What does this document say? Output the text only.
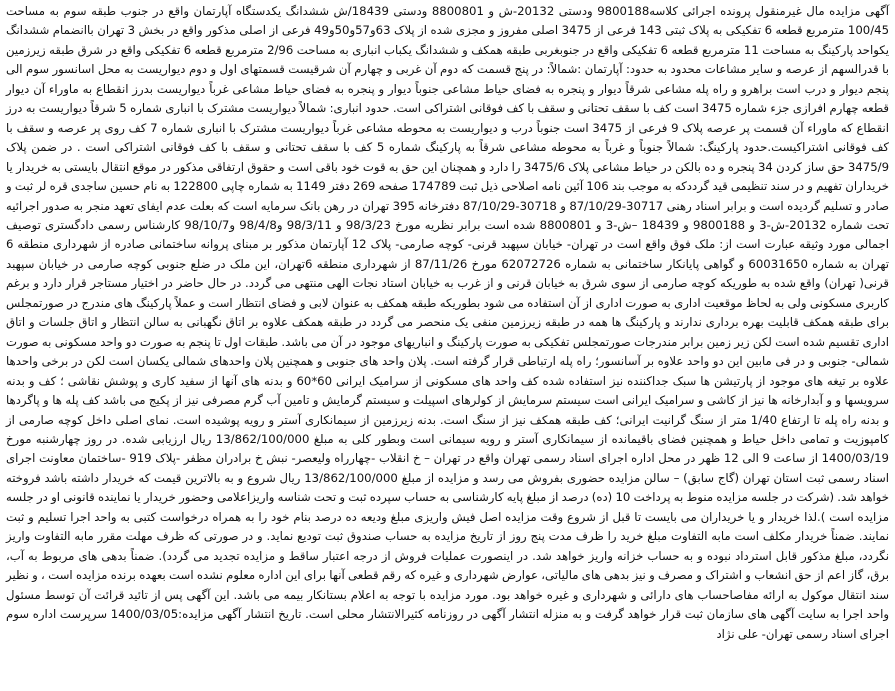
آگهی مزایده مال غیرمنقول پرونده اجرائی کلاسه9800188 ودستی 20132-ش و 8800801 ودستی 18439/ش ششدانگ یکدستگاه آپارتمان واقع در جنوب طبقه سوم به مساحت 100/45 مترمربع قطعه 6 تفکیکی به پلاک ثبتی 143 فرعی از 3475 اصلی مفروز و مجزی شده از پلاک 63و57و50و49 فرعی از اصلی مذکور واقع در بخش 3 تهران باانضمام ششدانگ یکواحد پارکینگ به مساحت 11 مترمربع قطعه 6 تفکیکی واقع در جنوبغربی طبقه همکف و ششدانگ یکباب انباری به مساحت 2/96 مترمربع قطعه 6 تفکیکی واقع در شرق طبقه زیرزمین با قدرالسهم از عرصه و سایر مشاعات محدود به حدود: آپارتمان :شمالاً: در پنج قسمت که دوم آن غربی و چهارم آن شرقیست قسمتهای اول و دوم دیواریست به محل اسانسور سوم الی پنجم دیوار و درب است براهرو و راه پله مشاعی شرقاً دیوار و پنجره به فضای حیاط مشاعی جنوباً دیوار و پنجره به فضای حیاط مشاعی غرباً دیواریست بدرز انقطاع به ماوراء آن دیوار قطعه چهارم افرازی جزء شماره 3475 است کف با سقف تحتانی و سقف با کف فوقانی اشتراکی است. حدود انباری: شمالاً دیواریست مشترک با انباری شماره 5 شرقاً دیواریست به درز انقطاع که ماوراء آن قسمت پر عرصه پلاک 9 فرعی از 3475 است جنوباً درب و دیواریست به محوطه مشاعی غرباً دیواریست مشترک با انباری شماره 7 کف روی پر عرصه و سقف با کف فوقانی اشتراکیست.حدود پارکینگ: شمالاً جنوباً و غرباً به محوطه مشاعی شرقاً به پارکینگ شماره 5 کف با سقف تحتانی و سقف با کف فوقانی اشتراکی است . در ضمن پلاک 3475/9 حق ساز کردن 34 پنجره و ده بالکن در حیاط مشاعی پلاک 3475/6 را دارد و همچنان این حق به قوت خود باقی است و حقوق ارتفاقی مذکور در موقع انتقال بایستی به خریدار یا خریداران تفهیم و در سند تنظیمی قید گرددکه به موجب بند 106 آئین نامه اصلاحی ذیل ثبت 174789 صفحه 269 دفتر 1149 به شماره چاپی 122800 به نام حسین ساجدی قره لر ثبت و صادر و تسلیم گردیده است و برابر اسناد رهنی 30717-87/10/29 و 30718-87/10/29 دفترخانه 395 تهران در رهن بانک سرمایه است که بعلت عدم ایفای تعهد منجر به صدور اجرائیه تحت شماره 20132-ش-3 و 9800188 و 18439 –ش-3 و 8800801 شده است برابر نظریه مورخ 98/3/23 و 98/3/11 و98/4/8 و98/10/7 کارشناس رسمی دادگستری توصیف اجمالی مورد وثیقه عبارت است از: ملک فوق واقع است در تهران- خیابان سپهبد قرنی- کوچه صارمی- پلاک 12 آپارتمان مذکور بر مبنای پروانه ساختمانی صادره از شهرداری منطقه 6 تهران به شماره 60031650 و گواهی پایانکار ساختمانی به شماره 62072726 مورخ 87/11/26 از شهرداری منطقه 6تهران، این ملک در ضلع جنوبی کوچه صارمی در خیابان سپهبد قرنی( تهران) واقع شده به طوریکه کوچه صارمی از سوی شرق به خیابان قرنی و از غرب به خیابان استاد نجات الهی منتهی می گردد. در حال حاضر در اختیار مستاجر قرار دارد و برغم کاربری مسکونی ولی به لحاظ موقعیت اداری به صورت اداری از آن استفاده می شود بطوریکه طبقه همکف به عنوان لابی و فضای انتظار است و عملاً پارکینگ های مندرج در صورتمجلس برای طبقه همکف قابلیت بهره برداری ندارند و پارکینگ ها همه در طبقه زیرزمین منفی یک منحصر می گردد در طبقه همکف علاوه بر اتاق نگهبانی به سالن انتظار و اتاق جلسات و اتاق اداری تقسیم شده است لکن زیر زمین برابر مندرجات صورتمجلس تفکیکی به صورت پارکینگ و انباریهای موجود در آن می باشد. طبقات اول تا پنجم به صورت دو واحد مسکونی به صورت شمالی- جنوبی و در فی مابین این دو واحد علاوه بر آسانسور؛ راه پله ارتباطی قرار گرفته است. پلان واحد های جنوبی و همچنین پلان واحدهای شمالی یکسان است لکن در برخی واحدها علاوه بر تیغه های موجود از پارتیشن ها سبک جداکننده نیز استفاده شده کف واحد های مسکونی از سرامیک ایرانی 60*60 و بدنه های آنها از سفید کاری و پوشش نقاشی ؛ کف و بدنه سرویسها و و آبدارخانه ها نیز از کاشی و سرامیک ایرانی است سیستم سرمایش از کولرهای اسپیلت و سیستم گرمایش و تامین آب گرم مصرفی نیز از پکیج می باشد کف پله ها و پاگردها و بدنه راه پله تا ارتفاع 1/40 متر از سنگ گرانیت ایرانی؛ کف طبقه همکف نیز از سنگ است. بدنه زیرزمین از سیمانکاری آستر و رویه پوشیده است. نمای اصلی داخل کوچه صارمی از کامپوزیت و تمامی داخل حیاط و همچنین فضای باقیمانده از سیمانکاری آستر و رویه سیمانی است وبطور کلی به مبلغ 13/862/100/000 ریال ارزیابی شده. در روز چهارشنبه مورخ 1400/03/19 از ساعت 9 الی 12 ظهر در محل اداره اجرای اسناد رسمی تهران واقع در تهران – خ انقلاب -چهارراه ولیعصر- نبش خ برادران مظفر -پلاک 919 -ساختمان معاونت اجرای اسناد رسمی ثبت استان تهران (گاج سابق) – سالن مزایده حضوری بفروش می رسد و مزایده از مبلغ 13/862/100/000 ریال شروع و به بالاترین قیمت که خریدار داشته باشد فروخته خواهد شد. (شرکت در جلسه مزایده منوط به پرداخت 10 (ده) درصد از مبلغ پایه کارشناسی به حساب سپرده ثبت و تحت شناسه واریزاعلامی وحضور خریدار یا نماینده قانونی او در جلسه مزایده است ).لذا خریدار و یا خریداران می بایست تا قبل از شروع وقت مزایده اصل فیش واریزی مبلغ ودیعه ده درصد بنام خود را به همراه درخواست کتبی به واحد اجرا تسلیم و ثبت نمایند. ضمناً خریدار مکلف است مابه التفاوت مبلغ خرید را ظرف مدت پنج روز از تاریخ مزایده به حساب صندوق ثبت تودیع نماید. و در صورتی که ظرف مهلت مقرر مابه التفاوت واریز نگردد، مبلغ مذکور قابل استرداد نبوده و به حساب خزانه واریز خواهد شد. در اینصورت عملیات فروش از درجه اعتبار ساقط و مزایده تجدید می گردد). ضمناً بدهی های مربوط به آب، برق، گاز اعم از حق انشعاب و اشتراک و مصرف و نیز بدهی های مالیاتی، عوارض شهرداری و غیره که رقم قطعی آنها برای این اداره معلوم نشده است بعهده برنده مزایده است ، و نظیر سند انتقال موکول به ارائه مفاصاحساب های دارائی و شهرداری و غیره خواهد بود. مورد مزایده با توجه به اعلام بستانکار بیمه می باشد. این آگهی پس از تائید قرائت آن توسط مسئول واحد اجرا به سایت آگهی های سازمان ثبت قرار خواهد گرفت و به منزله انتشار آگهی در روزنامه کثیرالانتشار محلی است. تاریخ انتشار آگهی مزایده:1400/03/05 سرپرست اداره سوم اجرای اسناد رسمی تهران- علی نژاد
